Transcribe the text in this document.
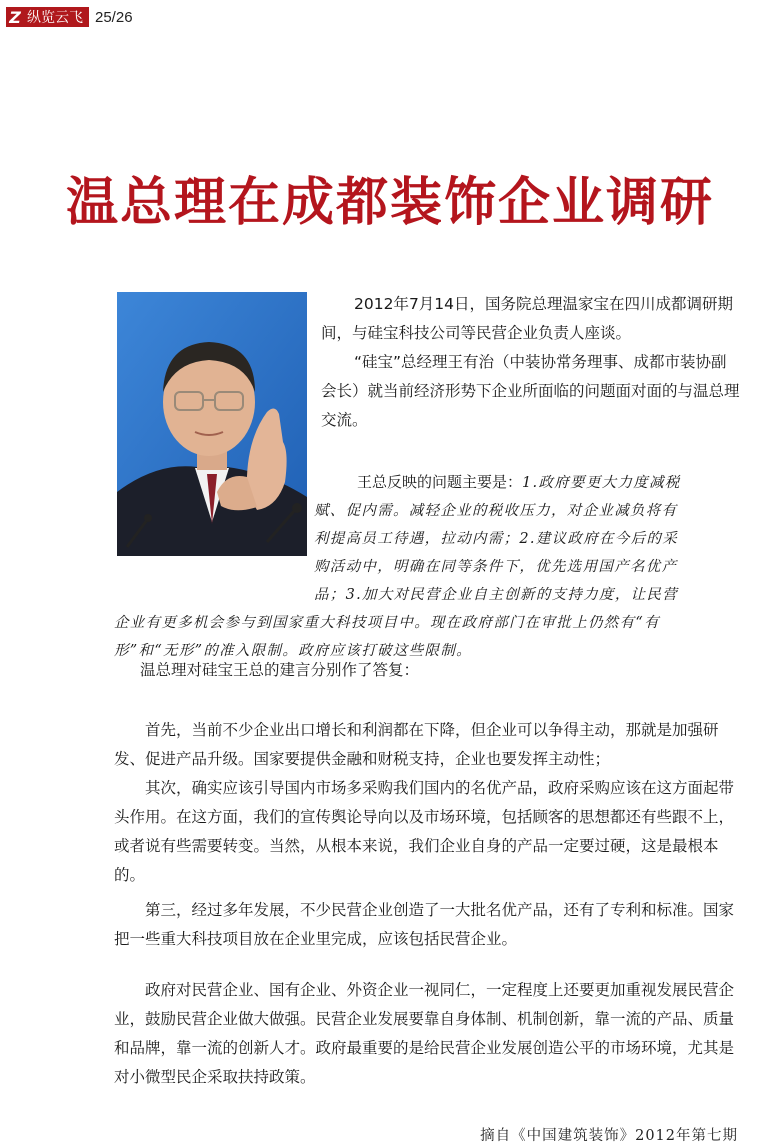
Z 纵览云飞 25/26
温总理在成都装饰企业调研

2012年7月14日，国务院总理温家宝在四川成都调研期间，与硅宝科技公司等民营企业负责人座谈。

“硅宝”总经理王有治（中装协常务理事、成都市装协副会长）就当前经济形势下企业所面临的问题面对面的与温总理交流。

王总反映的问题主要是：1.政府要更大力度减税
赋、促内需。减轻企业的税收压力，对企业减负将有
利提高员工待遇，拉动内需；2.建议政府在今后的采
购活动中，明确在同等条件下，优先选用国产名优产
品；3.加大对民营企业自主创新的支持力度，让民营
企业有更多机会参与到国家重大科技项目中。现在政府部门在审批上仍然有“有
形”和“无形”的准入限制。政府应该打破这些限制。

温总理对硅宝王总的建言分别作了答复：

首先，当前不少企业出口增长和利润都在下降，但企业可以争得主动，那就是加强研发、促进产品升级。国家要提供金融和财税支持，企业也要发挥主动性；

其次，确实应该引导国内市场多采购我们国内的名优产品，政府采购应该在这方面起带头作用。在这方面，我们的宣传舆论导向以及市场环境，包括顾客的思想都还有些跟不上，或者说有些需要转变。当然，从根本来说，我们企业自身的产品一定要过硬，这是最根本的。

第三，经过多年发展，不少民营企业创造了一大批名优产品，还有了专利和标准。国家把一些重大科技项目放在企业里完成，应该包括民营企业。

政府对民营企业、国有企业、外资企业一视同仁，一定程度上还要更加重视发展民营企业，鼓励民营企业做大做强。民营企业发展要靠自身体制、机制创新，靠一流的产品、质量和品牌，靠一流的创新人才。政府最重要的是给民营企业发展创造公平的市场环境，尤其是对小微型民企采取扶持政策。

摘自《中国建筑装饰》2012年第七期
